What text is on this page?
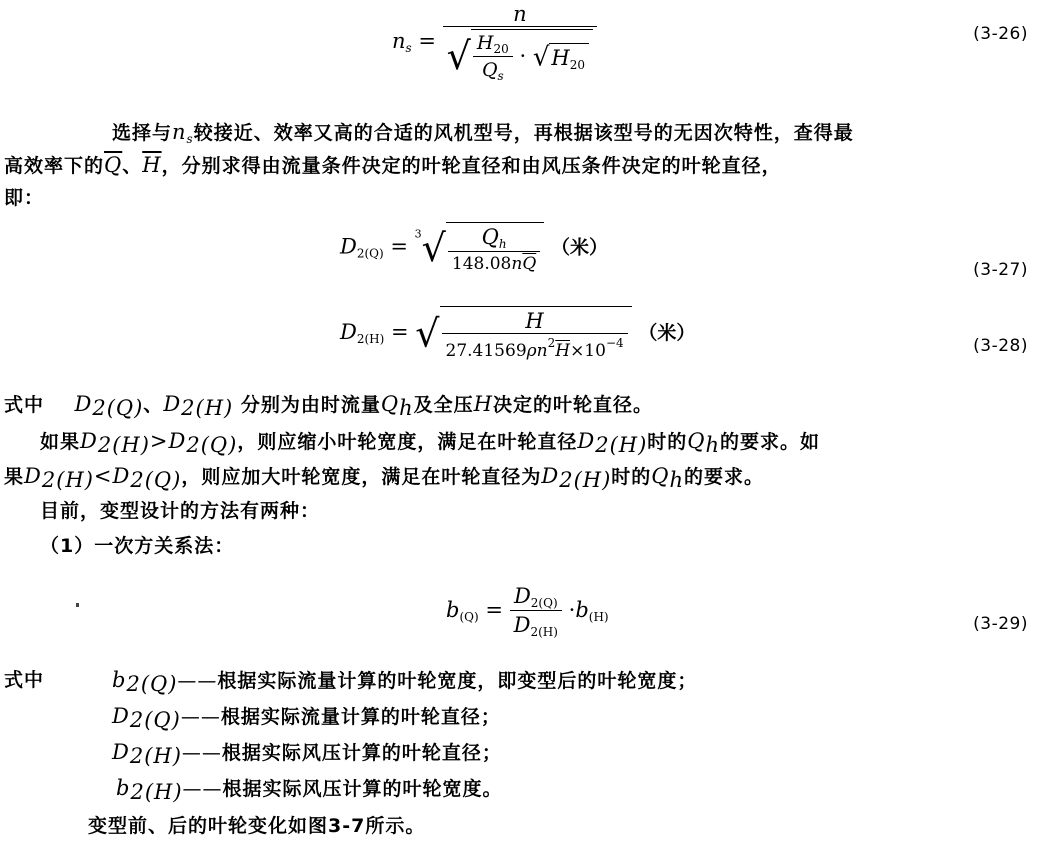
$n_s$ =
n
√ $\frac{H_{20}}{Q_s} \cdot √H_{20}$
(3-26)
选择与$n_s$较接近、效率又高的合适的风机型号，再根据该型号的无因次特性，查得最
高效率下的$\overline{Q}$、$\overline{H}$，分别求得由流量条件决定的叶轮直径和由风压条件决定的叶轮直径，
即：
$D_{2(Q)} = ^3√ \frac{Q_h}{148.08n\overline{Q}}$ （米）
(3-27)
$D_{2(H)}$ = √ $\frac{H}{27.41569\rho n^2\overline{H}\times 10^{-4}}$ （米）
(3-28)
式中 D2(Q)、D2(H) 分别为由时流量Qh及全压H决定的叶轮直径。
如果D2(H)>D2(Q)，则应缩小叶轮宽度，满足在叶轮直径D2(H)时的Qh的要求。如
果D2(H)<D2(Q)，则应加大叶轮宽度，满足在叶轮直径为D2(H)时的Qh的要求。
目前，变型设计的方法有两种：
（1）一次方关系法：
$b_{(Q)} = \frac{D_{2(Q)}}{D_{2(H)}} \cdot b_{(H)}$	(3-29)
式中	b2(Q)——根据实际流量计算的叶轮宽度，即变型后的叶轮宽度；
D2(Q)——根据实际流量计算的叶轮直径；
D2(H)——根据实际风压计算的叶轮直径；
b2(H)——根据实际风压计算的叶轮宽度。
变型前、后的叶轮变化如图3-7所示。
